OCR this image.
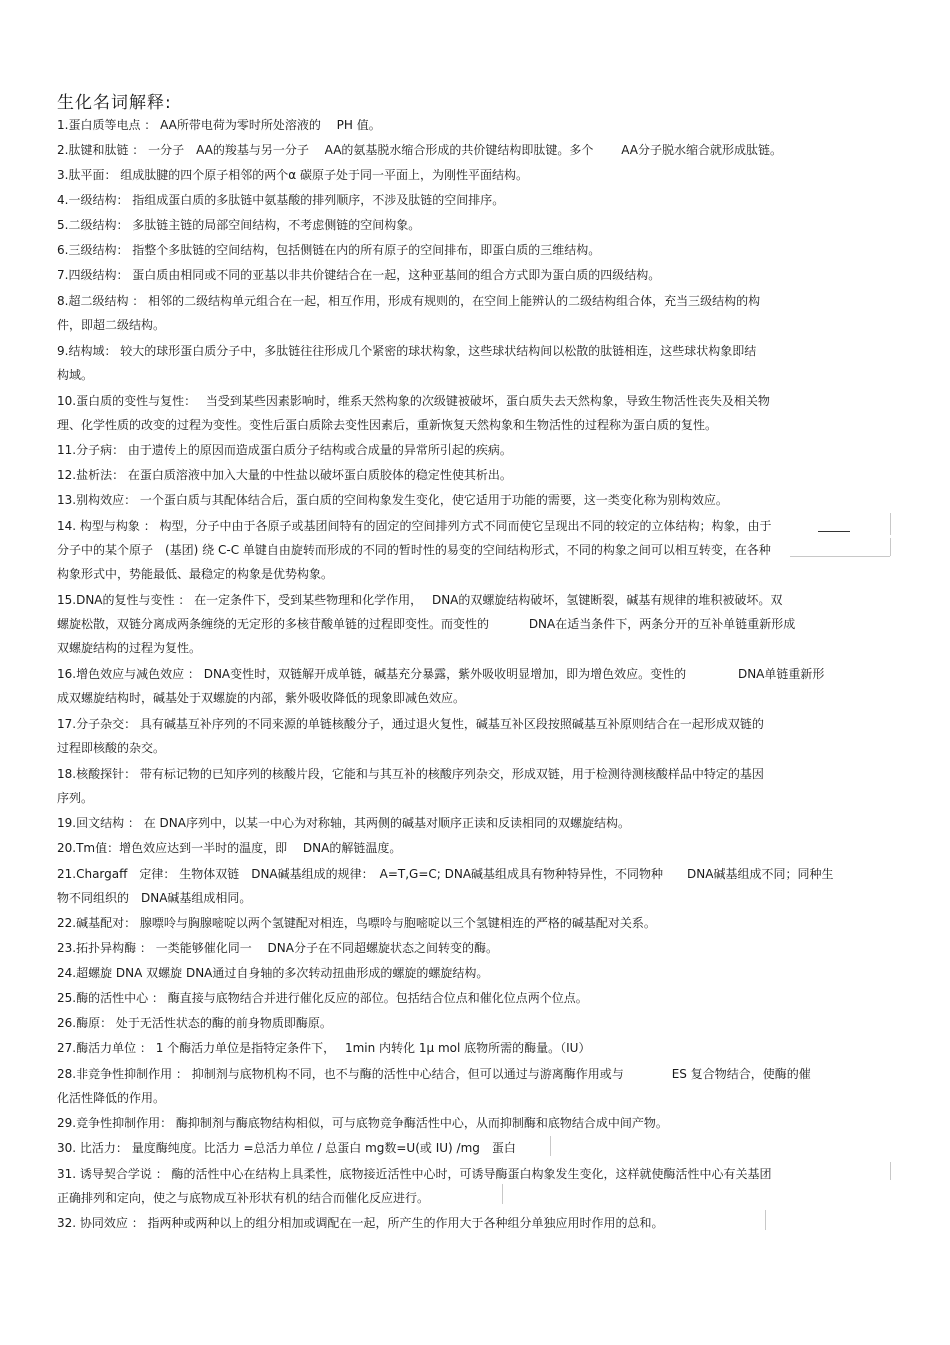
生化名词解释:
1.蛋白质等电点 ： AA所带电荷为零时所处溶液的　 PH 值。
2.肽键和肽链 ： 一分子　AA的羧基与另一分子　 AA的氨基脱水缩合形成的共价键结构即肽键。多个　　 AA分子脱水缩合就形成肽链。
3.肽平面： 组成肽腱的四个原子相邻的两个α 碳原子处于同一平面上，为刚性平面结构。
4.一级结构： 指组成蛋白质的多肽链中氨基酸的排列顺序，不涉及肽链的空间排序。
5.二级结构： 多肽链主链的局部空间结构，不考虑侧链的空间构象。
6.三级结构： 指整个多肽链的空间结构，包括侧链在内的所有原子的空间排布，即蛋白质的三维结构。
7.四级结构： 蛋白质由相同或不同的亚基以非共价键结合在一起，这种亚基间的组合方式即为蛋白质的四级结构。
8.超二级结构 ： 相邻的二级结构单元组合在一起，相互作用，形成有规则的，在空间上能辨认的二级结构组合体，充当三级结构的构
件，即超二级结构。
9.结构域： 较大的球形蛋白质分子中，多肽链往往形成几个紧密的球状构象，这些球状结构间以松散的肽链相连，这些球状构象即结
构域。
10.蛋白质的变性与复性：　 当受到某些因素影响时，维系天然构象的次级键被破坏，蛋白质失去天然构象，导致生物活性丧失及相关物
理、化学性质的改变的过程为变性。变性后蛋白质除去变性因素后，重新恢复天然构象和生物活性的过程称为蛋白质的复性。
11.分子病： 由于遗传上的原因而造成蛋白质分子结构或合成量的异常所引起的疾病。
12.盐析法： 在蛋白质溶液中加入大量的中性盐以破坏蛋白质胶体的稳定性使其析出。
13.别构效应： 一个蛋白质与其配体结合后，蛋白质的空间构象发生变化，使它适用于功能的需要，这一类变化称为别构效应。
14. 构型与构象 ： 构型，分子中由于各原子或基团间特有的固定的空间排列方式不同而使它呈现出不同的较定的立体结构；构象，由于
分子中的某个原子　(基团) 绕 C-C 单键自由旋转而形成的不同的暂时性的易变的空间结构形式，不同的构象之间可以相互转变，在各种
构象形式中，势能最低、最稳定的构象是优势构象。
15.DNA的复性与变性 ： 在一定条件下，受到某些物理和化学作用，　 DNA的双螺旋结构破坏，氢键断裂，碱基有规律的堆积被破坏。双
螺旋松散，双链分离成两条缠绕的无定形的多核苷酸单链的过程即变性。而变性的　　　 DNA在适当条件下，两条分开的互补单链重新形成
双螺旋结构的过程为复性。
16.增色效应与减色效应 ： DNA变性时，双链解开成单链，碱基充分暴露，紫外吸收明显增加，即为增色效应。变性的　　　　 DNA单链重新形
成双螺旋结构时，碱基处于双螺旋的内部，紫外吸收降低的现象即减色效应。
17.分子杂交： 具有碱基互补序列的不同来源的单链核酸分子，通过退火复性，碱基互补区段按照碱基互补原则结合在一起形成双链的
过程即核酸的杂交。
18.核酸探针： 带有标记物的已知序列的核酸片段，它能和与其互补的核酸序列杂交，形成双链，用于检测待测核酸样品中特定的基因
序列。
19.回文结构 ： 在 DNA序列中，以某一中心为对称轴，其两侧的碱基对顺序正读和反读相同的双螺旋结构。
20.Tm值：增色效应达到一半时的温度，即　 DNA的解链温度。
21.Chargaff　定律： 生物体双链　DNA碱基组成的规律：　A=T,G=C; DNA碱基组成具有物种特异性，不同物种　　DNA碱基组成不同；同种生
物不同组织的　DNA碱基组成相同。
22.碱基配对： 腺嘌呤与胸腺嘧啶以两个氢键配对相连，鸟嘌呤与胞嘧啶以三个氢键相连的严格的碱基配对关系。
23.拓扑异构酶 ： 一类能够催化同一　 DNA分子在不同超螺旋状态之间转变的酶。
24.超螺旋 DNA 双螺旋 DNA通过自身轴的多次转动扭曲形成的螺旋的螺旋结构。
25.酶的活性中心 ： 酶直接与底物结合并进行催化反应的部位。包括结合位点和催化位点两个位点。
26.酶原： 处于无活性状态的酶的前身物质即酶原。
27.酶活力单位 ： 1 个酶活力单位是指特定条件下，　 1min 内转化 1μ mol 底物所需的酶量。（IU）
28.非竞争性抑制作用 ： 抑制剂与底物机构不同，也不与酶的活性中心结合，但可以通过与游离酶作用或与　　　　ES 复合物结合，使酶的催
化活性降低的作用。
29.竞争性抑制作用： 酶抑制剂与酶底物结构相似，可与底物竞争酶活性中心，从而抑制酶和底物结合成中间产物。
30. 比活力： 量度酶纯度。比活力 =总活力单位 / 总蛋白 mg数=U(或 IU) /mg　蛋白
31. 诱导契合学说 ： 酶的活性中心在结构上具柔性，底物接近活性中心时，可诱导酶蛋白构象发生变化，这样就使酶活性中心有关基团
正确排列和定向，使之与底物成互补形状有机的结合而催化反应进行。
32. 协同效应 ： 指两种或两种以上的组分相加或调配在一起，所产生的作用大于各种组分单独应用时作用的总和。
